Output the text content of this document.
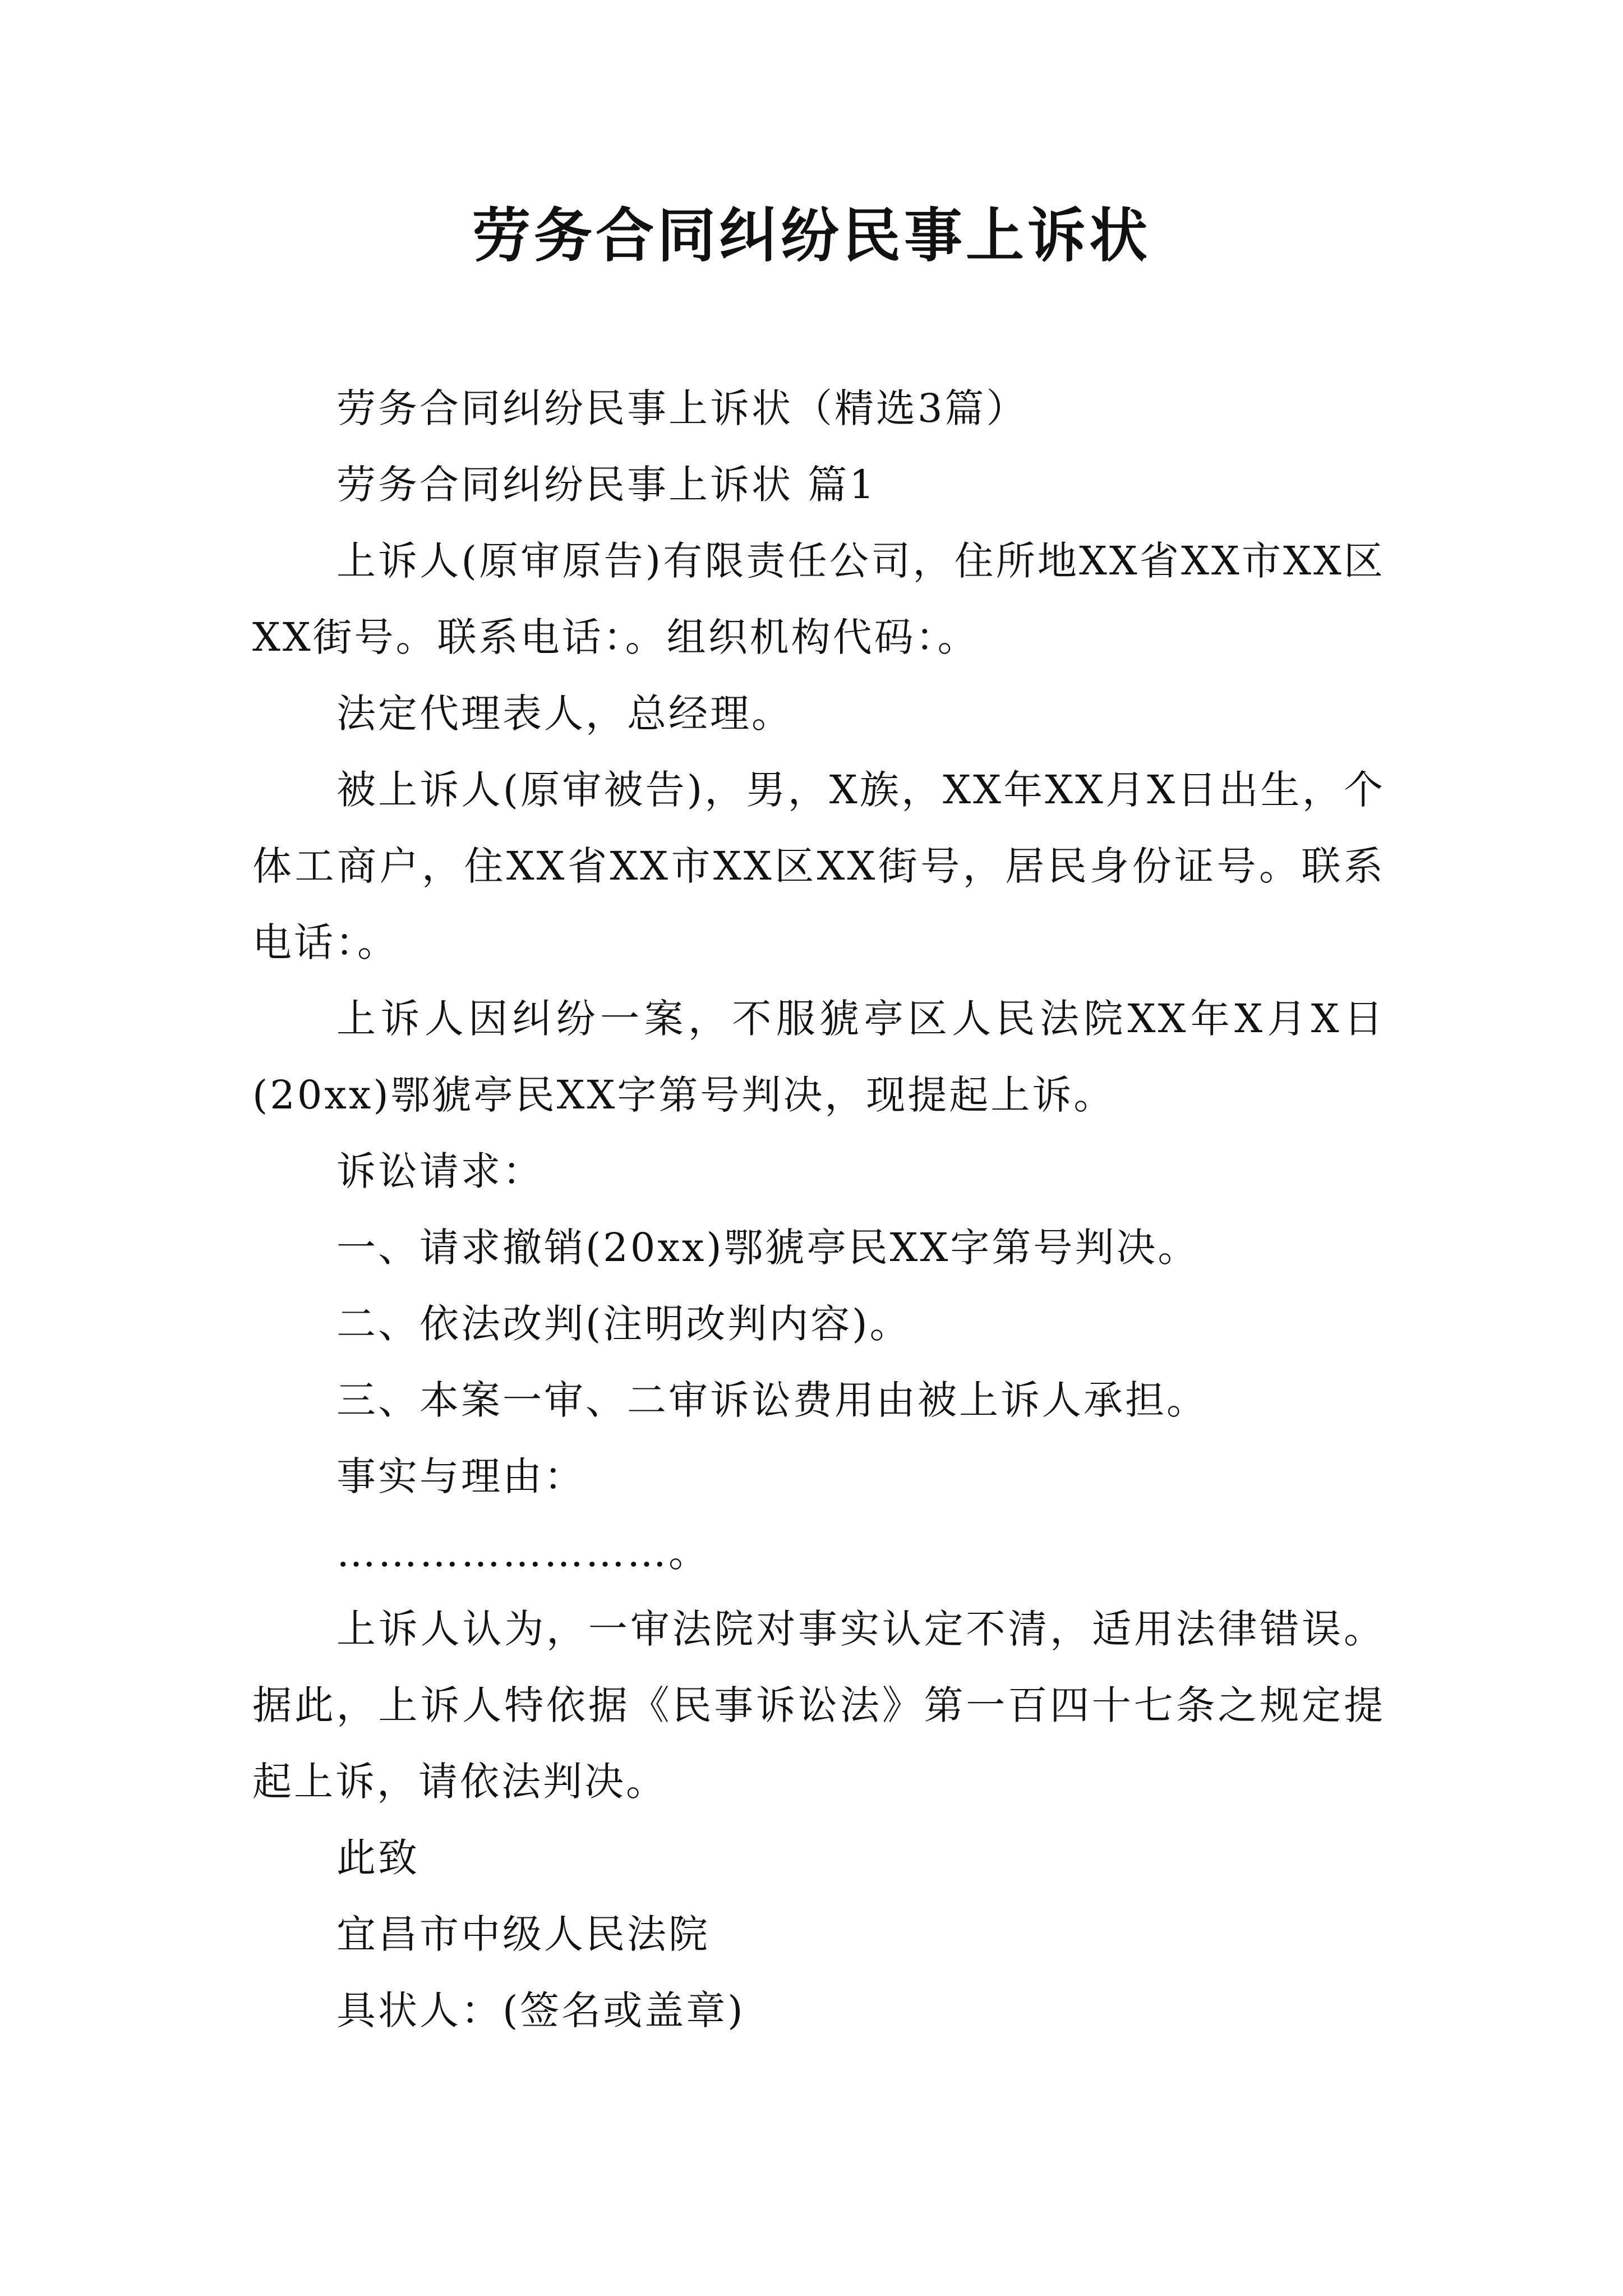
劳务合同纠纷民事上诉状

劳务合同纠纷民事上诉状（精选3篇）

劳务合同纠纷民事上诉状 篇1

上诉人(原审原告)有限责任公司，住所地XX省XX市XX区XX街号。联系电话：。组织机构代码：。

法定代理表人，总经理。

被上诉人(原审被告)，男，X族，XX年XX月X日出生，个体工商户，住XX省XX市XX区XX街号，居民身份证号。联系电话：。

上诉人因纠纷一案，不服猇亭区人民法院XX年X月X日(20xx)鄂猇亭民XX字第号判决，现提起上诉。

诉讼请求：

一、请求撤销(20xx)鄂猇亭民XX字第号判决。

二、依法改判(注明改判内容)。

三、本案一审、二审诉讼费用由被上诉人承担。

事实与理由：

……………………。

上诉人认为，一审法院对事实认定不清，适用法律错误。据此，上诉人特依据《民事诉讼法》第一百四十七条之规定提起上诉，请依法判决。

此致

宜昌市中级人民法院

具状人：(签名或盖章)
